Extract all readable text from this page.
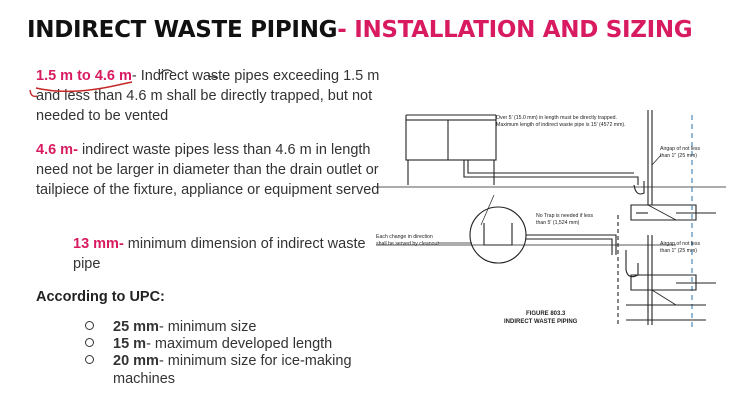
INDIRECT WASTE PIPING- INSTALLATION AND SIZING
1.5 m to 4.6 m- Indirect waste pipes exceeding 1.5 m and less than 4.6 m shall be directly trapped, but not needed to be vented
4.6 m- indirect waste pipes less than 4.6 m in length need not be larger in diameter than the drain outlet or tailpiece of the fixture, appliance or equipment served
13 mm- minimum dimension of indirect waste pipe
According to UPC:
25 mm- minimum size
15 m- maximum developed length
20 mm- minimum size for ice-making machines
Over 5' (15.0 mm) in length must be directly trapped.
Maximum length of indirect waste pipe is 15' (4572 mm).
Airgap of not less
than 1" (25 mm)
No Trap is needed if less
than 5' (1,524 mm)
Each change in direction
shall be served by cleanout	Airgap of not less
than 1" (25 mm)
FIGURE 803.3
INDIRECT WASTE PIPING
